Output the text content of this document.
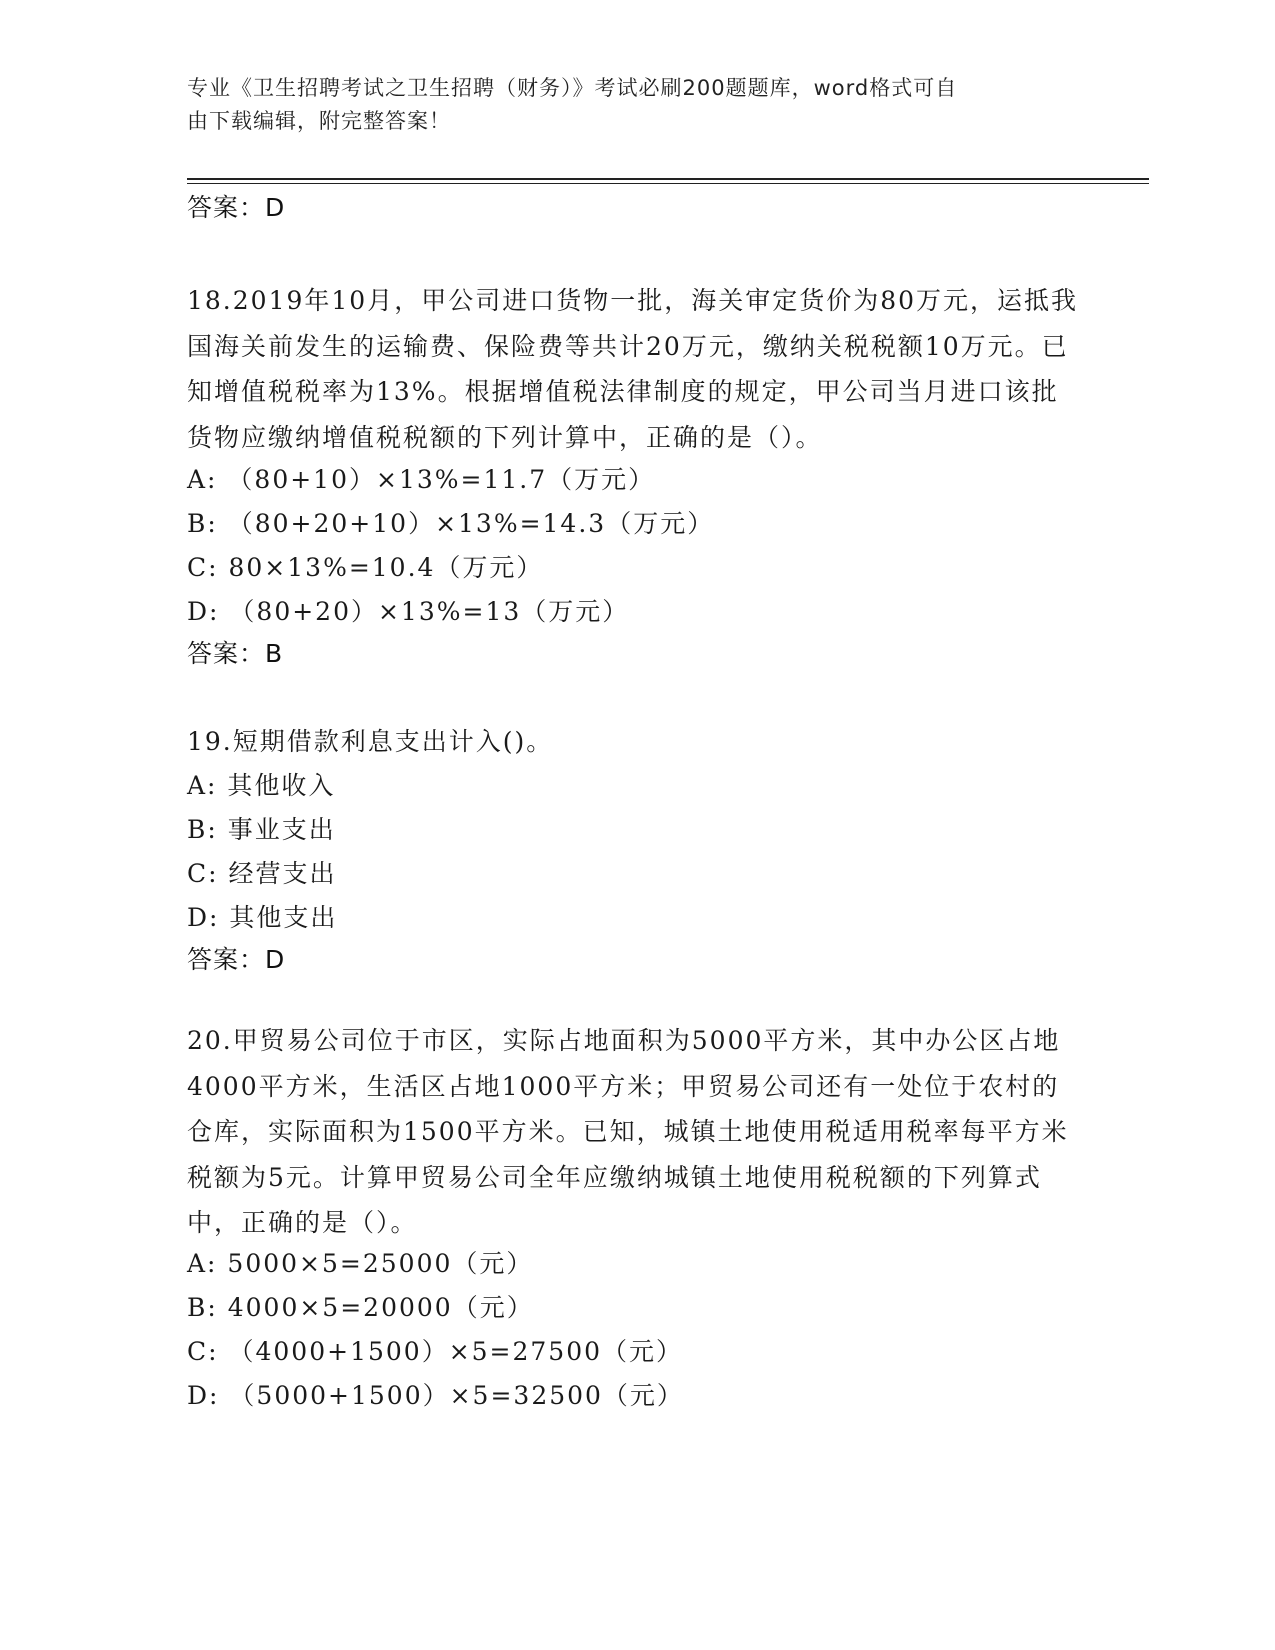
专业《卫生招聘考试之卫生招聘（财务）》考试必刷200题题库，word格式可自
由下载编辑，附完整答案！
答案：D
18.2019年10月，甲公司进口货物一批，海关审定货价为80万元，运抵我国海关前发生的运输费、保险费等共计20万元，缴纳关税税额10万元。已知增值税税率为13%。根据增值税法律制度的规定，甲公司当月进口该批货物应缴纳增值税税额的下列计算中，正确的是（）。
A: （80+10）×13%=11.7（万元）
B: （80+20+10）×13%=14.3（万元）
C: 80×13%=10.4（万元）
D: （80+20）×13%=13（万元）
答案：B
19.短期借款利息支出计入()。
A: 其他收入
B: 事业支出
C: 经营支出
D: 其他支出
答案：D
20.甲贸易公司位于市区，实际占地面积为5000平方米，其中办公区占地4000平方米，生活区占地1000平方米；甲贸易公司还有一处位于农村的仓库，实际面积为1500平方米。已知，城镇土地使用税适用税率每平方米税额为5元。计算甲贸易公司全年应缴纳城镇土地使用税税额的下列算式中，正确的是（）。
A: 5000×5=25000（元）
B: 4000×5=20000（元）
C: （4000+1500）×5=27500（元）
D: （5000+1500）×5=32500（元）
